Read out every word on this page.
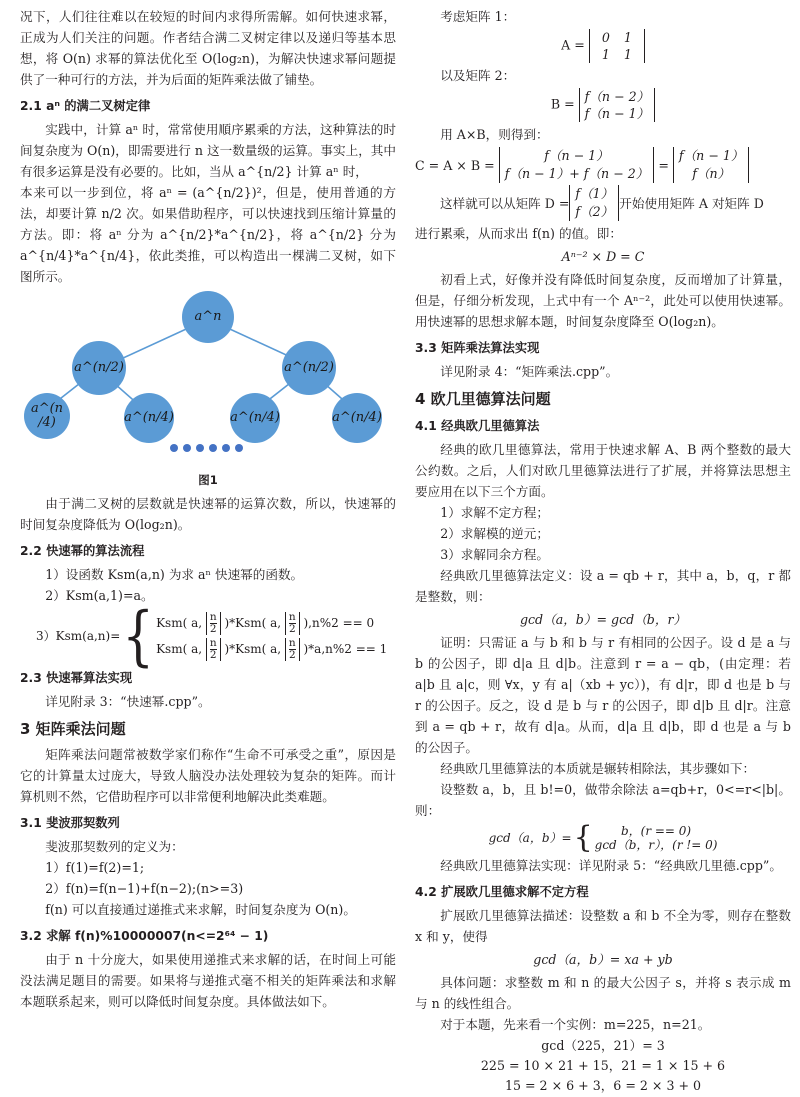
况下，人们往往难以在较短的时间内求得所需解。如何快速求幂，正成为人们关注的问题。作者结合满二叉树定律以及递归等基本思想，将 O(n) 求幂的算法优化至 O(log₂n)，为解决快速求幂问题提供了一种可行的方法，并为后面的矩阵乘法做了铺垫。

2.1 aⁿ 的满二叉树定律

实践中，计算 aⁿ 时，常常使用順序累乘的方法，这种算法的时间复杂度为 O(n)，即需要进行 n 这一数量级的运算。事实上，其中有很多运算是没有必要的。比如，当从 a^{n/2} 计算 aⁿ 时，

本来可以一步到位，将 aⁿ = (a^{n/2})²，但是，使用普通的方法，却要计算 n/2 次。如果借助程序，可以快速找到压缩计算量的方法。即：将 aⁿ 分为 a^{n/2}*a^{n/2}，将 a^{n/2} 分为 a^{n/4}*a^{n/4}，依此类推，可以构造出一棵满二叉树，如下图所示。

a^n
a^(n/2)	a^(n/2)
a^(n /4)	a^(n/4)	a^(n/4)	a^(n/4)
图1

由于满二叉树的层数就是快速幂的运算次数，所以，快速幂的时间复杂度降低为 O(log₂n)。

2.2 快速幂的算法流程

1）设函数 Ksm(a,n) 为求 aⁿ 快速幂的函数。

2）Ksm(a,1)=a。

3）Ksm(a,n)= { Ksm( a, $\frac{n}{2} )*Ksm$( a, $\frac{n}{2} ),n\%2 == 0$
Ksm( a, $\frac{n}{2} )*Ksm$( a, $\frac{n}{2} )*a,n\%2 == 1$
2.3 快速幂算法实现

详见附录 3：“快速幂.cpp”。

3 矩阵乘法问题

矩阵乘法问题常被数学家们称作“生命不可承受之重”，原因是它的计算量太过庞大，导致人脑没办法处理较为复杂的矩阵。而计算机则不然，它借助程序可以非常便利地解决此类难题。

3.1 斐波那契数列

斐波那契数列的定义为：

1）f(1)=f(2)=1;

2）f(n)=f(n−1)+f(n−2);(n>=3)

f(n) 可以直接通过递推式来求解，时间复杂度为 O(n)。

3.2 求解 f(n)%10000007(n<=2⁶⁴ − 1)

由于 n 十分庞大，如果使用递推式来求解的话，在时间上可能没法满足题目的需要。如果将与递推式毫不相关的矩阵乘法和求解本题联系起来，则可以降低时间复杂度。具体做法如下。

考虑矩阵 1：

A =	0 1
1 1

以及矩阵 2：

B = f（n − 2）
f（n − 1）

用 A×B，则得到：

C = A × B =

f（n − 1）
f（n − 1）+ f（n − 2）

=

f（n − 1）
f（n）
这样就可以从矩阵 D =
f（1）
f（2）
开始使用矩阵 A 对矩阵 D

进行累乘，从而求出 f(n) 的值。即：

Aⁿ⁻² × D = C

初看上式，好像并没有降低时间复杂度，反而增加了计算量，但是，仔细分析发现，上式中有一个 Aⁿ⁻²，此处可以使用快速幂。用快速幂的思想求解本题，时间复杂度降至 O(log₂n)。

3.3 矩阵乘法算法实现

详见附录 4：“矩阵乘法.cpp”。

4 欧几里德算法问题
4.1 经典欧几里德算法

经典的欧几里德算法，常用于快速求解 A、B 两个整数的最大公约数。之后，人们对欧几里德算法进行了扩展，并将算法思想主要应用在以下三个方面。

1）求解不定方程；

2）求解模的逆元；

3）求解同余方程。

经典欧几里德算法定义：设 a = qb + r，其中 a，b，q，r 都是整数，则：

gcd（a，b）= gcd（b，r）

证明：只需证 a 与 b 和 b 与 r 有相同的公因子。设 d 是 a 与 b 的公因子，即 d|a 且 d|b。注意到 r = a − qb，(由定理：若 a|b 且 a|c，则 ∀x，y 有 a|（xb + yc）)，有 d|r，即 d 也是 b 与 r 的公因子。反之，设 d 是 b 与 r 的公因子，即 d|b 且 d|r。注意到 a = qb + r，故有 d|a。从而，d|a 且 d|b，即 d 也是 a 与 b 的公因子。

经典欧几里德算法的本质就是辗转相除法，其步骤如下：

设整数 a，b，且 b!=0，做带余除法 a=qb+r，0<=r<|b|。则：

gcd（a，b）= {	b，(r == 0)
gcd（b，r），(r != 0)

经典欧几里德算法实现：详见附录 5：“经典欧几里德.cpp”。

4.2 扩展欧几里德求解不定方程

扩展欧几里德算法描述：设整数 a 和 b 不全为零，则存在整数 x 和 y，使得

gcd（a，b）= xa + yb

具体问题：求整数 m 和 n 的最大公因子 s，并将 s 表示成 m 与 n 的线性组合。

对于本题，先来看一个实例：m=225，n=21。

gcd（225，21）= 3
225 = 10 × 21 + 15，21 = 1 × 15 + 6
15 = 2 × 6 + 3，6 = 2 × 3 + 0
